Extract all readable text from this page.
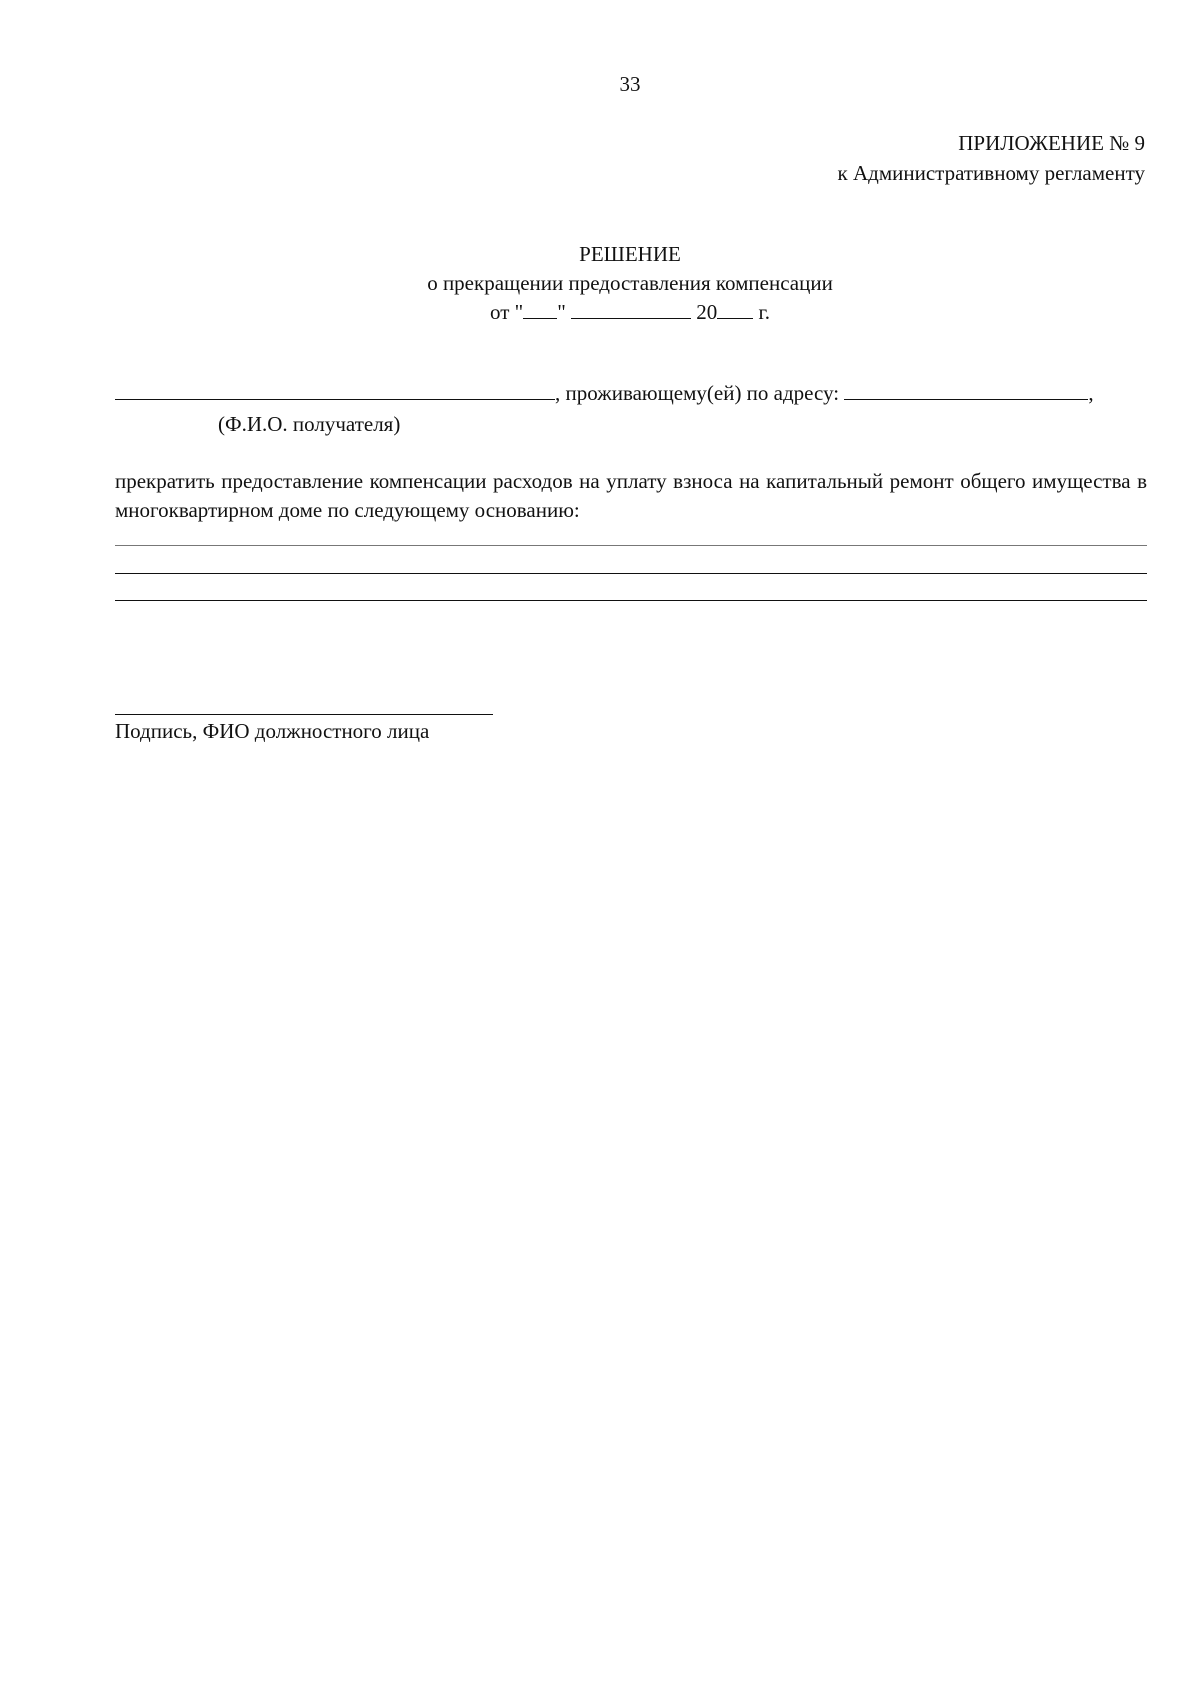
33
ПРИЛОЖЕНИЕ № 9
к Административному регламенту
РЕШЕНИЕ
о прекращении предоставления компенсации
от " "	20 г.
, проживающему(ей) по адресу:	,
(Ф.И.О. получателя)
прекратить предоставление компенсации расходов на уплату взноса на капитальный ремонт общего имущества в многоквартирном доме по следующему основанию:
Подпись, ФИО должностного лица
